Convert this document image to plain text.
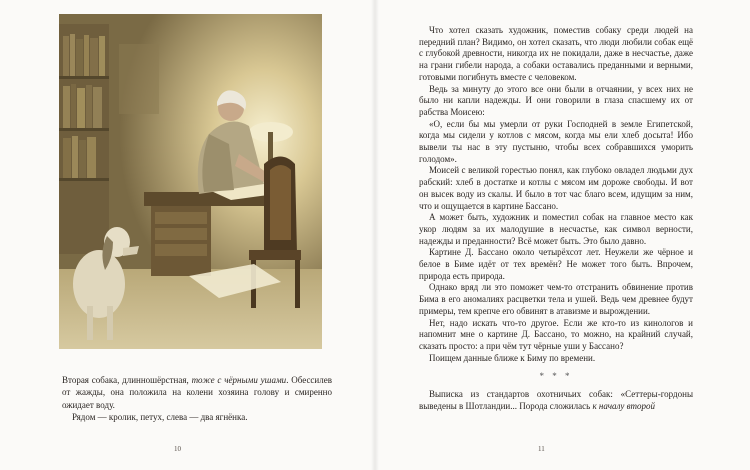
Вторая собака, длинношёрстная, тоже с чёрными ушами. Обессилев от жажды, она положила на колени хозяина голову и смиренно ожидает воду.

Рядом — кролик, петух, слева — два ягнёнка.

10

Что хотел сказать художник, поместив собаку среди людей на передний план? Видимо, он хотел сказать, что люди любили собак ещё с глубокой древности, никогда их не покидали, даже в несчастье, даже на грани гибели народа, а собаки оставались преданными и верными, готовыми погибнуть вместе с человеком.

Ведь за минуту до этого все они были в отчаянии, у всех них не было ни капли надежды. И они говорили в глаза спасшему их от рабства Моисею:

«О, если бы мы умерли от руки Господней в земле Египетской, когда мы сидели у котлов с мясом, когда мы ели хлеб досыта! Ибо вывели ты нас в эту пустыню, чтобы всех собравшихся уморить голодом».

Моисей с великой горестью понял, как глубоко овладел людьми дух рабский: хлеб в достатке и котлы с мясом им дороже свободы. И вот он высек воду из скалы. И было в тот час благо всем, идущим за ним, что и ощущается в картине Бассано.

А может быть, художник и поместил собак на главное место как укор людям за их малодушие в несчастье, как символ верности, надежды и преданности? Всё может быть. Это было давно.

Картине Д. Бассано около четырёхсот лет. Неужели же чёрное и белое в Биме идёт от тех времён? Не может того быть. Впрочем, природа есть природа.

Однако вряд ли это поможет чем-то отстранить обвинение против Бима в его аномалиях расцветки тела и ушей. Ведь чем древнее будут примеры, тем крепче его обвинят в атавизме и вырождении.

Нет, надо искать что-то другое. Если же кто-то из кинологов и напомнит мне о картине Д. Бассано, то можно, на крайний случай, сказать просто: а при чём тут чёрные уши у Бассано?

Поищем данные ближе к Биму по времени.

* * *

Выписка из стандартов охотничьих собак: «Сеттеры-гордоны выведены в Шотландии... Порода сложилась к началу второй

11
